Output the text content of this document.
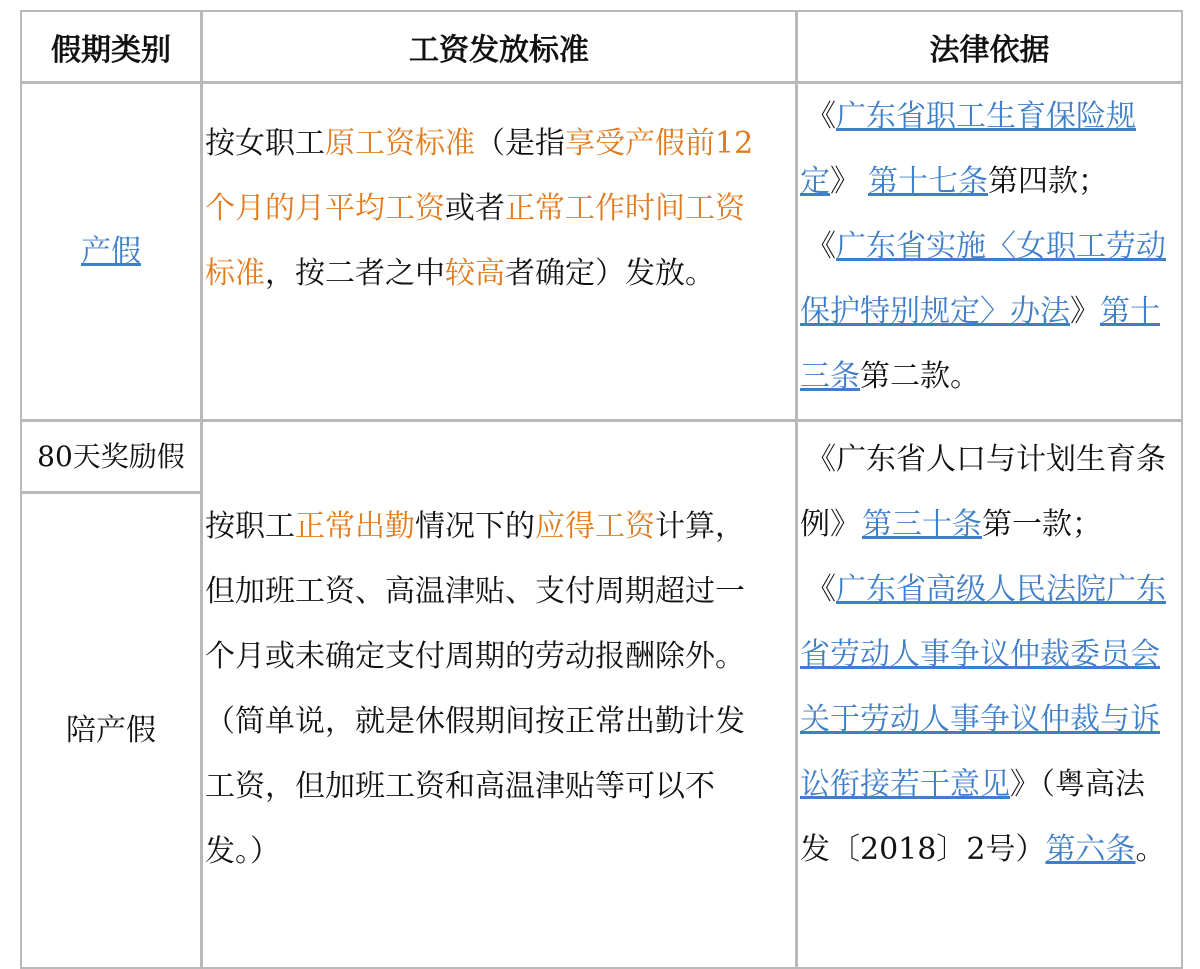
假期类别	工资发放标准	法律依据
产假
按女职工原工资标准（是指享受产假前12个月的月平均工资或者正常工作时间工资标准，按二者之中较高者确定）发放。
《广东省职工生育保险规定》 第十七条第四款；
《广东省实施〈女职工劳动保护特别规定〉办法》第十三条第二款。
80天奖励假
陪产假
按职工正常出勤情况下的应得工资计算，但加班工资、高温津贴、支付周期超过一个月或未确定支付周期的劳动报酬除外。（简单说，就是休假期间按正常出勤计发工资，但加班工资和高温津贴等可以不发。）
《广东省人口与计划生育条例》第三十条第一款；
《广东省高级人民法院广东省劳动人事争议仲裁委员会关于劳动人事争议仲裁与诉讼衔接若干意见》（粤高法发〔2018〕2号）第六条。
